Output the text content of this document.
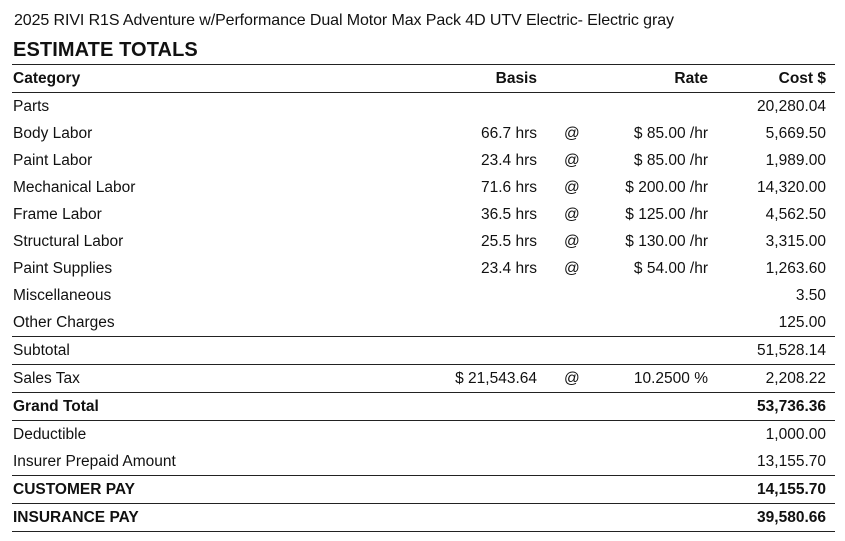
2025 RIVI R1S Adventure w/Performance Dual Motor Max Pack 4D UTV Electric- Electric gray
ESTIMATE TOTALS
Category	Basis	Rate	Cost $
Parts	20,280.04
Body Labor	66.7 hrs @	$ 85.00 /hr	5,669.50
Paint Labor	23.4 hrs @	$ 85.00 /hr	1,989.00
Mechanical Labor	71.6 hrs @	$ 200.00 /hr	14,320.00
Frame Labor	36.5 hrs @	$ 125.00 /hr	4,562.50
Structural Labor	25.5 hrs @	$ 130.00 /hr	3,315.00
Paint Supplies	23.4 hrs @	$ 54.00 /hr	1,263.60
Miscellaneous	3.50
Other Charges	125.00
Subtotal	51,528.14
Sales Tax	$ 21,543.64 @	10.2500 %	2,208.22
Grand Total	53,736.36
Deductible	1,000.00
Insurer Prepaid Amount	13,155.70
CUSTOMER PAY	14,155.70
INSURANCE PAY	39,580.66
